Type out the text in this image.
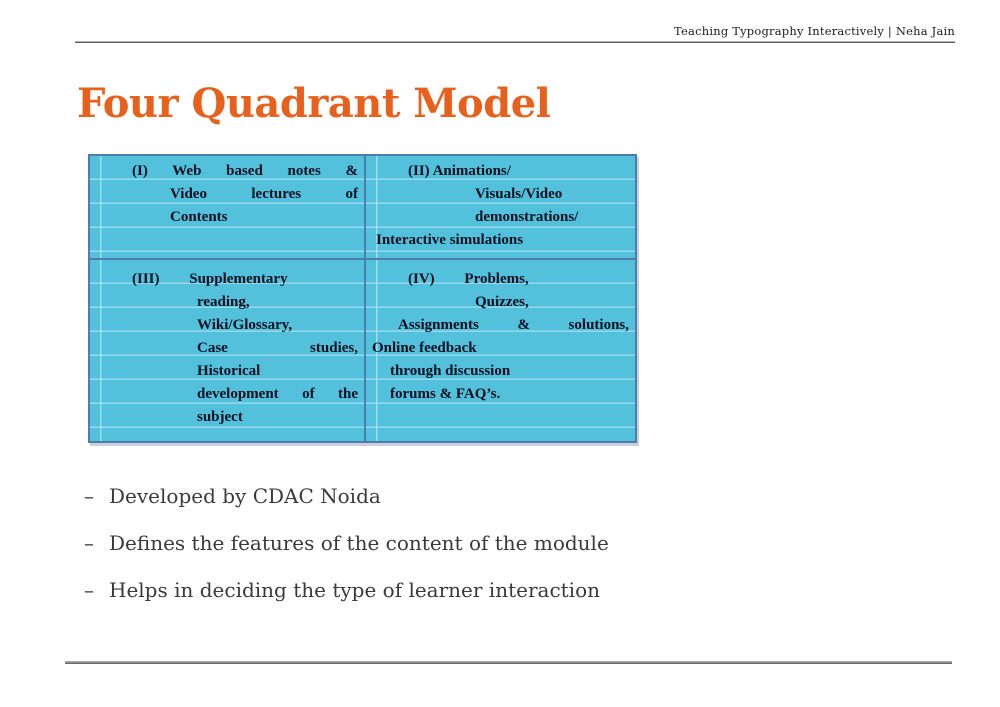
Teaching Typography Interactively | Neha Jain
Four Quadrant Model
(I) Web based notes &
Video lectures of
Contents
(II) Animations/
Visuals/Video
demonstrations/
Interactive simulations
(III) Supplementary
reading,
Wiki/Glossary,
Case studies,
Historical
development of the
subject
(IV) Problems,
Quizzes,
Assignments & solutions,
Online feedback
through discussion
forums & FAQ’s.
– Developed by CDAC Noida
– Defines the features of the content of the module
– Helps in deciding the type of learner interaction
